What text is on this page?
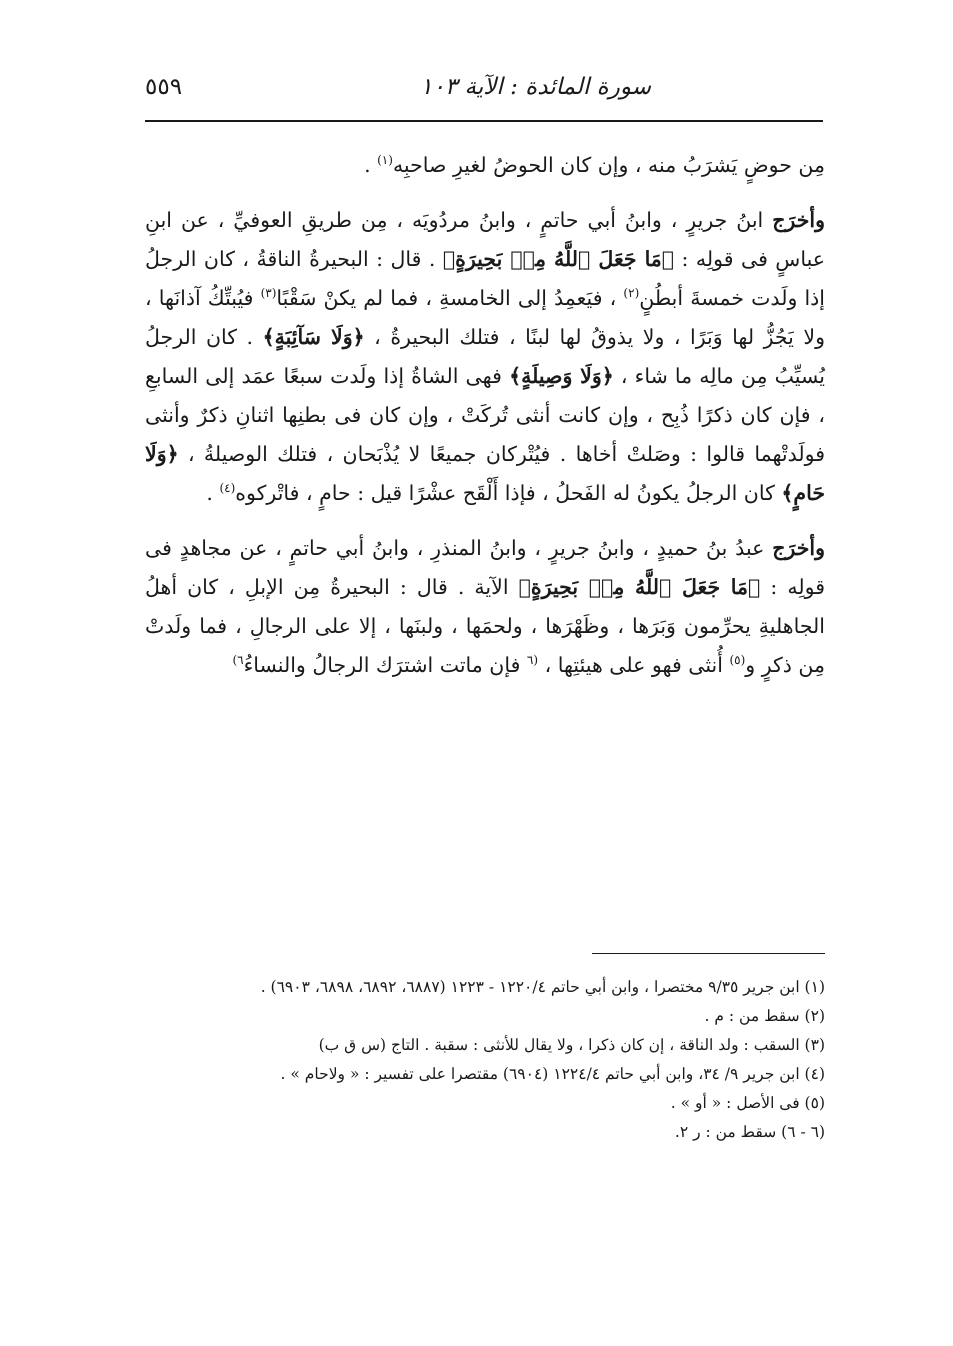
سورة المائدة : الآية ١٠٣
٥٥٩

مِن حوضٍ يَشرَبُ منه ، وإن كان الحوضُ لغيرِ صاحبِه$^{(١)}$ .

وأخرَج ابنُ جريرٍ ، وابنُ أبي حاتمٍ ، وابنُ مردُويَه ، مِن طريقِ العوفيِّ ، عن ابنِ عباسٍ فى قولِه : ﴿مَا جَعَلَ ٱللَّهُ مِنۢ بَحِيرَةٍ﴾ . قال : البحيرةُ الناقةُ ، كان الرجلُ إذا ولَدت خمسةَ أبطُنٍ$^{(٢)}$ ، فيَعمِدُ إلى الخامسةِ ، فما لم يكنْ سَقْبًا$^{(٣)}$ فيُبتِّكُ آذانَها ، ولا يَجُزُّ لها وَبَرًا ، ولا يذوقُ لها لبنًا ، فتلك البحيرةُ ، ﴿وَلَا سَآئِبَةٍ﴾ . كان الرجلُ يُسيِّبُ مِن مالِه ما شاء ، ﴿وَلَا وَصِيلَةٍ﴾ فهى الشاةُ إذا ولَدت سبعًا عمَد إلى السابعِ ، فإن كان ذكرًا ذُبِح ، وإن كانت أنثى تُركَتْ ، وإن كان فى بطنِها اثنانِ ذكرٌ وأنثى فولَدتْهما قالوا : وصَلتْ أخاها . فيُتْركان جميعًا لا يُذْبَحان ، فتلك الوصيلةُ ، ﴿وَلَا حَامٍ﴾ كان الرجلُ يكونُ له الفَحلُ ، فإذا أَلْقَح عشْرًا قيل : حامٍ ، فاتْركوه$^{(٤)}$ .

وأخرَج عبدُ بنُ حميدٍ ، وابنُ جريرٍ ، وابنُ المنذرِ ، وابنُ أبي حاتمٍ ، عن مجاهدٍ فى قولِه : ﴿مَا جَعَلَ ٱللَّهُ مِنۢ بَحِيرَةٍ﴾ الآية . قال : البحيرةُ مِن الإبلِ ، كان أهلُ الجاهليةِ يحرِّمون وَبَرَها ، وظَهْرَها ، ولحمَها ، ولبنَها ، إلا على الرجالِ ، فما ولَدتْ مِن ذكرٍ و$^{(٥)}$ أُنثى فهو على هيئتِها ، $^{(٦}$ فإن ماتت اشترَك الرجالُ والنساءُ$^{٦)}$

(١) ابن جرير ٩/٣٥ مختصرا ، وابن أبي حاتم ١٢٢٠/٤ - ١٢٢٣ (٦٨٨٧، ٦٨٩٢، ٦٨٩٨، ٦٩٠٣) .

(٢) سقط من : م .

(٣) السقب : ولد الناقة ، إن كان ذكرا ، ولا يقال للأنثى : سقبة . التاج (س ق ب)

(٤) ابن جرير ٩/ ٣٤، وابن أبي حاتم ١٢٢٤/٤ (٦٩٠٤) مقتصرا على تفسير : « ولاحام » .

(٥) فى الأصل : « أو » .

(٦ - ٦) سقط من : ر ٢.
